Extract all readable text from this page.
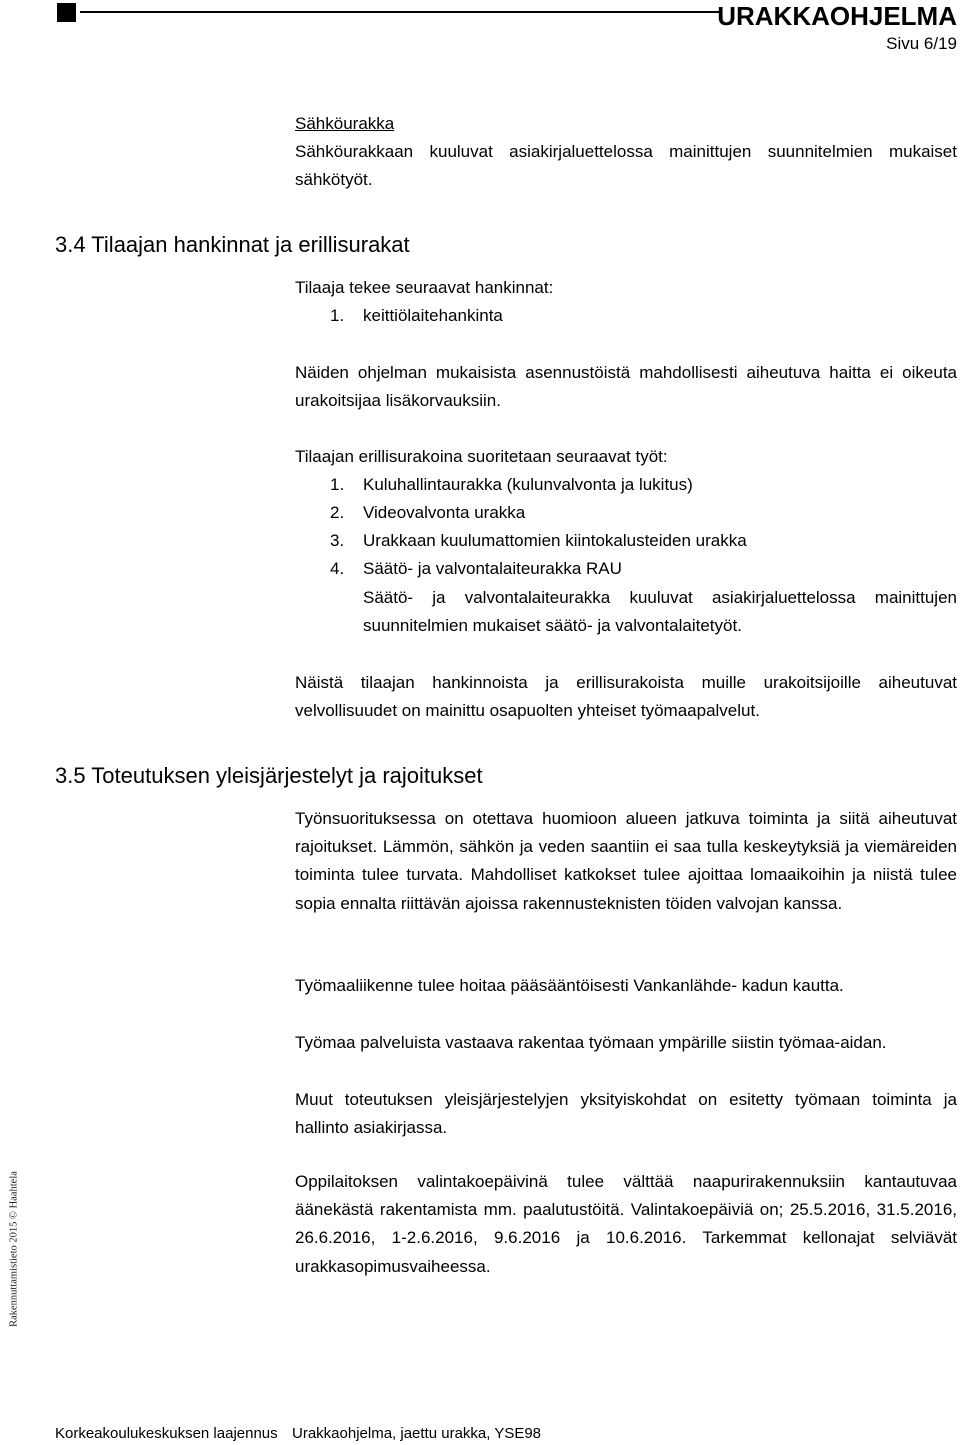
URAKKAOHJELMA
Sivu 6/19
Rakennuttamistieto 2015 © Haahtela
Sähköurakka
Sähköurakkaan kuuluvat asiakirjaluettelossa mainittujen suunnitelmien mukaiset sähkötyöt.
3.4 Tilaajan hankinnat ja erillisurakat
Tilaaja tekee seuraavat hankinnat:
1. keittiölaitehankinta
Näiden ohjelman mukaisista asennustöistä mahdollisesti aiheutuva haitta ei oikeuta urakoitsijaa lisäkorvauksiin.
Tilaajan erillisurakoina suoritetaan seuraavat työt:
1. Kuluhallintaurakka (kulunvalvonta ja lukitus)
2. Videovalvonta urakka
3. Urakkaan kuulumattomien kiintokalusteiden urakka
4. Säätö- ja valvontalaiteurakka RAU
Säätö- ja valvontalaiteurakka kuuluvat asiakirjaluettelossa mainittujen suunnitelmien mukaiset säätö- ja valvontalaitetyöt.
Näistä tilaajan hankinnoista ja erillisurakoista muille urakoitsijoille aiheutuvat velvollisuudet on mainittu osapuolten yhteiset työmaapalvelut.
3.5 Toteutuksen yleisjärjestelyt ja rajoitukset
Työnsuorituksessa on otettava huomioon alueen jatkuva toiminta ja siitä aiheutuvat rajoitukset. Lämmön, sähkön ja veden saantiin ei saa tulla keskeytyksiä ja viemäreiden toiminta tulee turvata. Mahdolliset katkokset tulee ajoittaa lomaaikoihin ja niistä tulee sopia ennalta riittävän ajoissa rakennusteknisten töiden valvojan kanssa.
Työmaaliikenne tulee hoitaa pääsääntöisesti Vankanlähde- kadun kautta.
Työmaa palveluista vastaava rakentaa työmaan ympärille siistin työmaa-aidan.
Muut toteutuksen yleisjärjestelyjen yksityiskohdat on esitetty työmaan toiminta ja hallinto asiakirjassa.
Oppilaitoksen valintakoepäivinä tulee välttää naapurirakennuksiin kantautuvaa äänekästä rakentamista mm. paalutustöitä. Valintakoepäiviä on; 25.5.2016, 31.5.2016, 26.6.2016, 1-2.6.2016, 9.6.2016 ja 10.6.2016. Tarkemmat kellonajat selviävät urakkasopimusvaiheessa.
Korkeakoulukeskuksen laajennus Urakkaohjelma, jaettu urakka, YSE98
